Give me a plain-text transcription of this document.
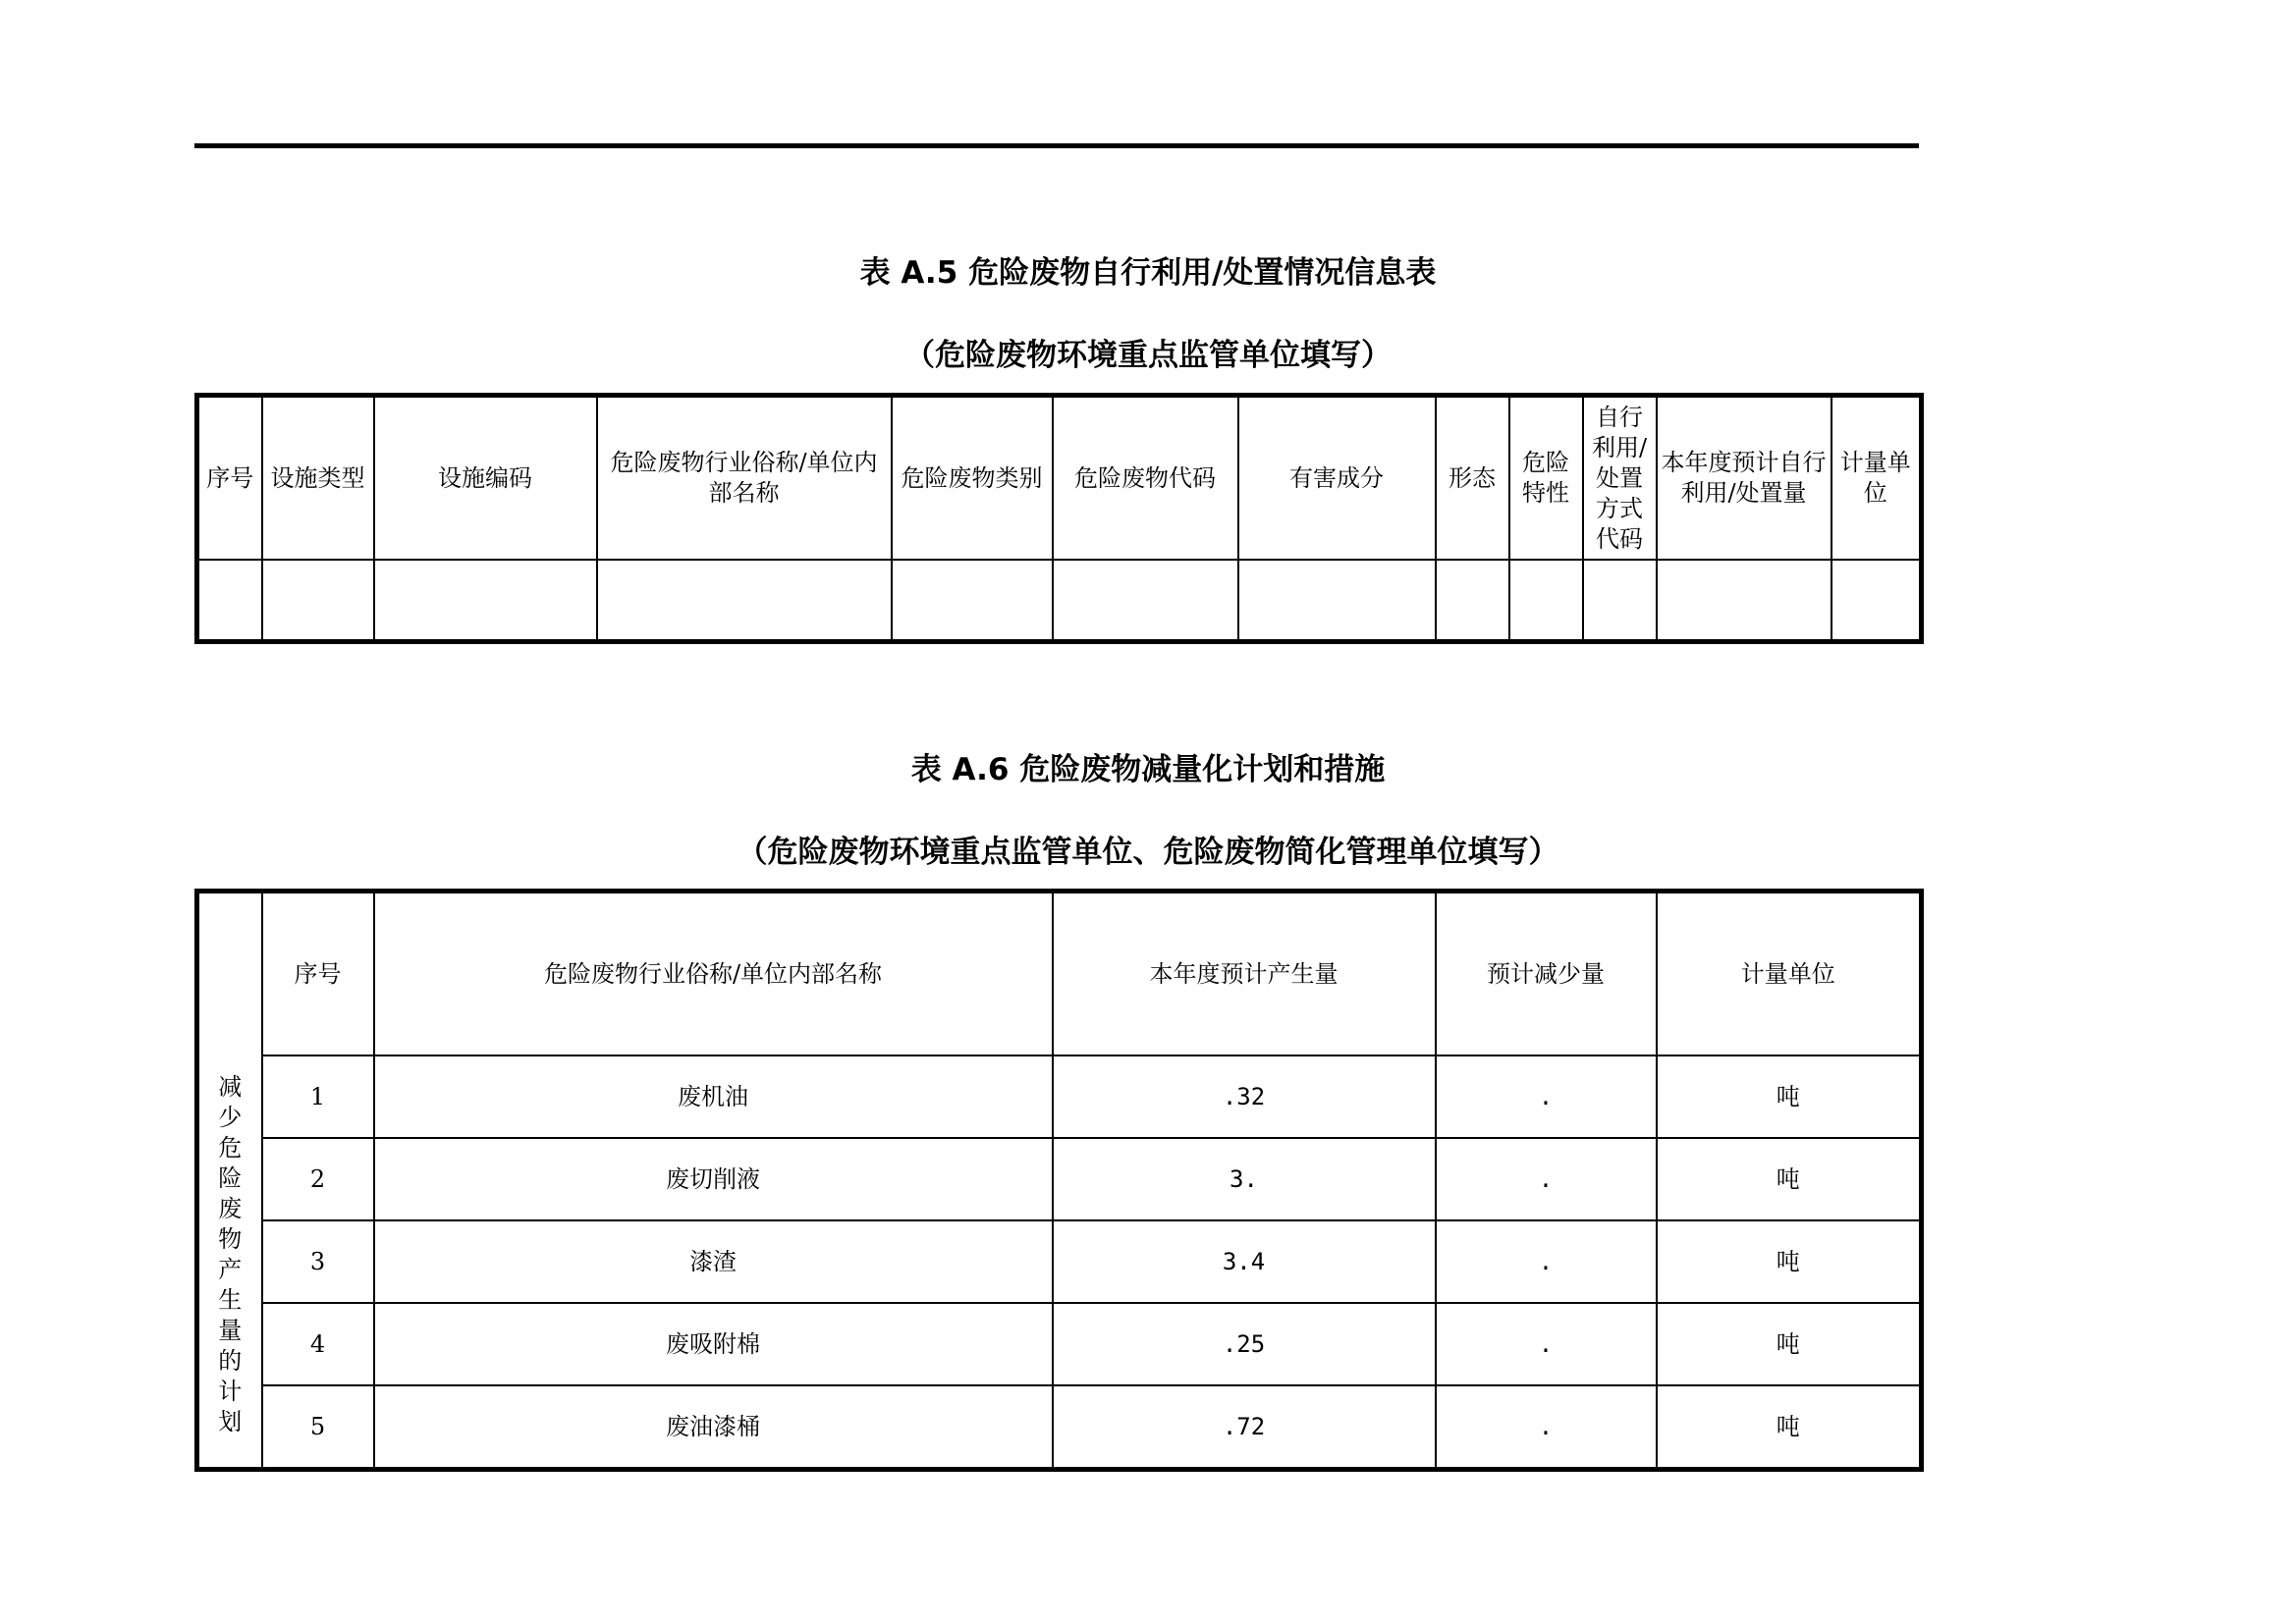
表 A.5 危险废物自行利用/处置情况信息表
（危险废物环境重点监管单位填写）
序号	设施类型	设施编码	危险废物行业俗称/单位内部名称	危险废物类别	危险废物代码	有害成分	形态	危险特性	自行利用/处置方式代码	本年度预计自行利用/处置量	计量单位

表 A.6 危险废物减量化计划和措施
（危险废物环境重点监管单位、危险废物简化管理单位填写）
减少危险废物产生量的计划	序号	危险废物行业俗称/单位内部名称	本年度预计产生量	预计减少量	计量单位
	1	废机油	.32	.	吨
	2	废切削液	3.	.	吨
	3	漆渣	3.4	.	吨
	4	废吸附棉	.25	.	吨
	5	废油漆桶	.72	.	吨
